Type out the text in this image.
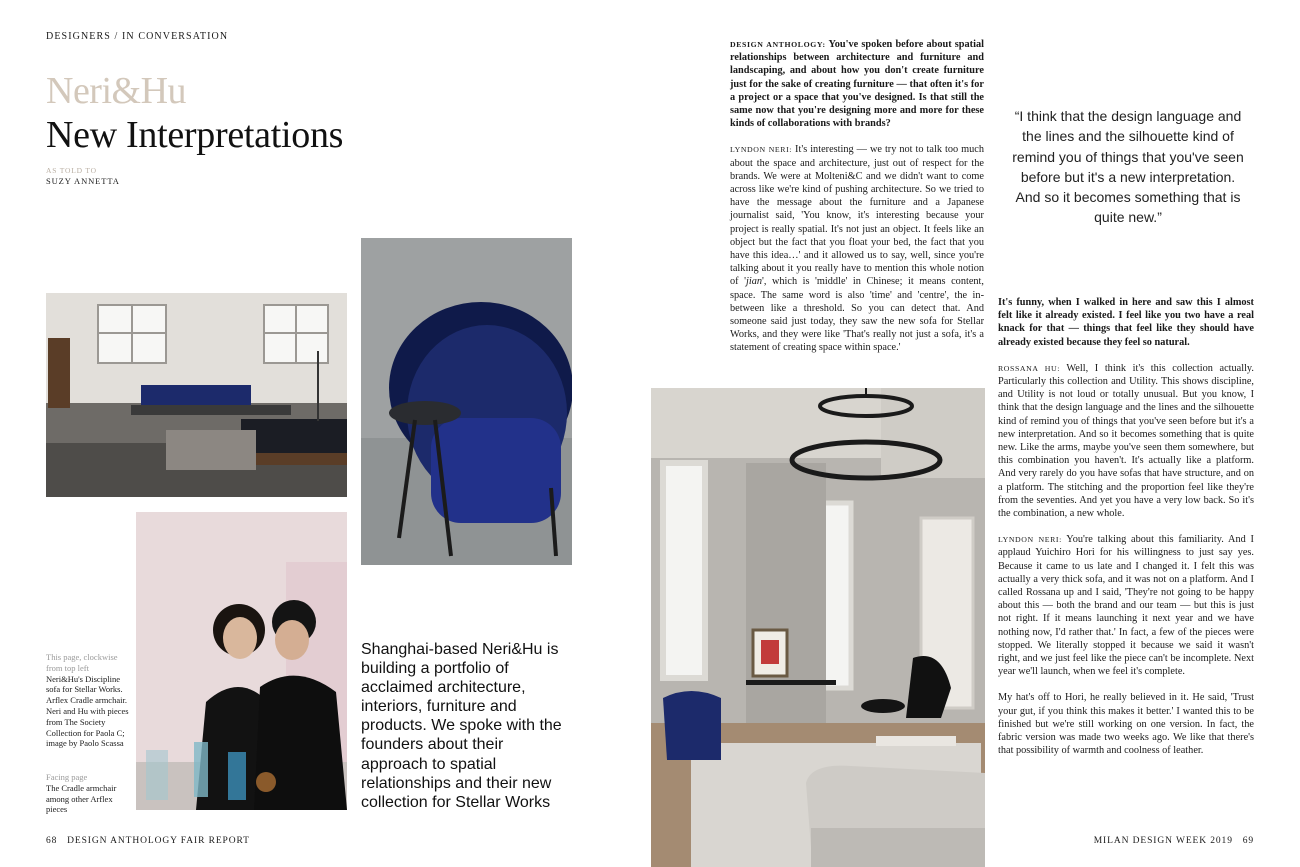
DESIGNERS / IN CONVERSATION
Neri&Hu
New Interpretations
AS TOLD TO
SUZY ANNETTA
This page, clockwise from top left
Neri&Hu's Discipline sofa for Stellar Works. Arflex Cradle armchair. Neri and Hu with pieces from The Society Collection for Paola C; image by Paolo Scassa
Facing page
The Cradle armchair among other Arflex pieces
Shanghai-based Neri&Hu is building a portfolio of acclaimed architecture, interiors, furniture and products. We spoke with the founders about their approach to spatial relationships and their new collection for Stellar Works
68 DESIGN ANTHOLOGY FAIR REPORT

DESIGN ANTHOLOGY: You've spoken before about spatial relationships between architecture and furniture and landscaping, and about how you don't create furniture just for the sake of creating furniture — that often it's for a project or a space that you've designed. Is that still the same now that you're designing more and more for these kinds of collaborations with brands?

LYNDON NERI: It's interesting — we try not to talk too much about the space and architecture, just out of respect for the brands. We were at Molteni&C and we didn't want to come across like we're kind of pushing architecture. So we tried to have the message about the furniture and a Japanese journalist said, 'You know, it's interesting because your project is really spatial. It's not just an object. It feels like an object but the fact that you float your bed, the fact that you have this idea…' and it allowed us to say, well, since you're talking about it you really have to mention this whole notion of 'jian', which is 'middle' in Chinese; it means content, space. The same word is also 'time' and 'centre', the in-between like a threshold. So you can detect that. And someone said just today, they saw the new sofa for Stellar Works, and they were like 'That's really not just a sofa, it's a statement of creating space within space.'

“I think that the design language and the lines and the silhouette kind of remind you of things that you've seen before but it's a new interpretation. And so it becomes something that is quite new.”

It's funny, when I walked in here and saw this I almost felt like it already existed. I feel like you two have a real knack for that — things that feel like they should have already existed because they feel so natural.

ROSSANA HU: Well, I think it's this collection actually. Particularly this collection and Utility. This shows discipline, and Utility is not loud or totally unusual. But you know, I think that the design language and the lines and the silhouette kind of remind you of things that you've seen before but it's a new interpretation. And so it becomes something that is quite new. Like the arms, maybe you've seen them somewhere, but this combination you haven't. It's actually like a platform. And very rarely do you have sofas that have structure, and on a platform. The stitching and the proportion feel like they're from the seventies. And yet you have a very low back. So it's the combination, a new whole.

LYNDON NERI: You're talking about this familiarity. And I applaud Yuichiro Hori for his willingness to just say yes. Because it came to us late and I changed it. I felt this was actually a very thick sofa, and it was not on a platform. And I called Rossana up and I said, 'They're not going to be happy about this — both the brand and our team — but this is just not right. If it means launching it next year and we have nothing now, I'd rather that.' In fact, a few of the pieces were stopped. We literally stopped it because we said it wasn't right, and we just feel like the piece can't be incomplete. Next year we'll launch, when we feel it's complete.

My hat's off to Hori, he really believed in it. He said, 'Trust your gut, if you think this makes it better.' I wanted this to be finished but we're still working on one version. In fact, the fabric version was made two weeks ago. We like that there's that possibility of warmth and coolness of leather.

MILAN DESIGN WEEK 2019 69
